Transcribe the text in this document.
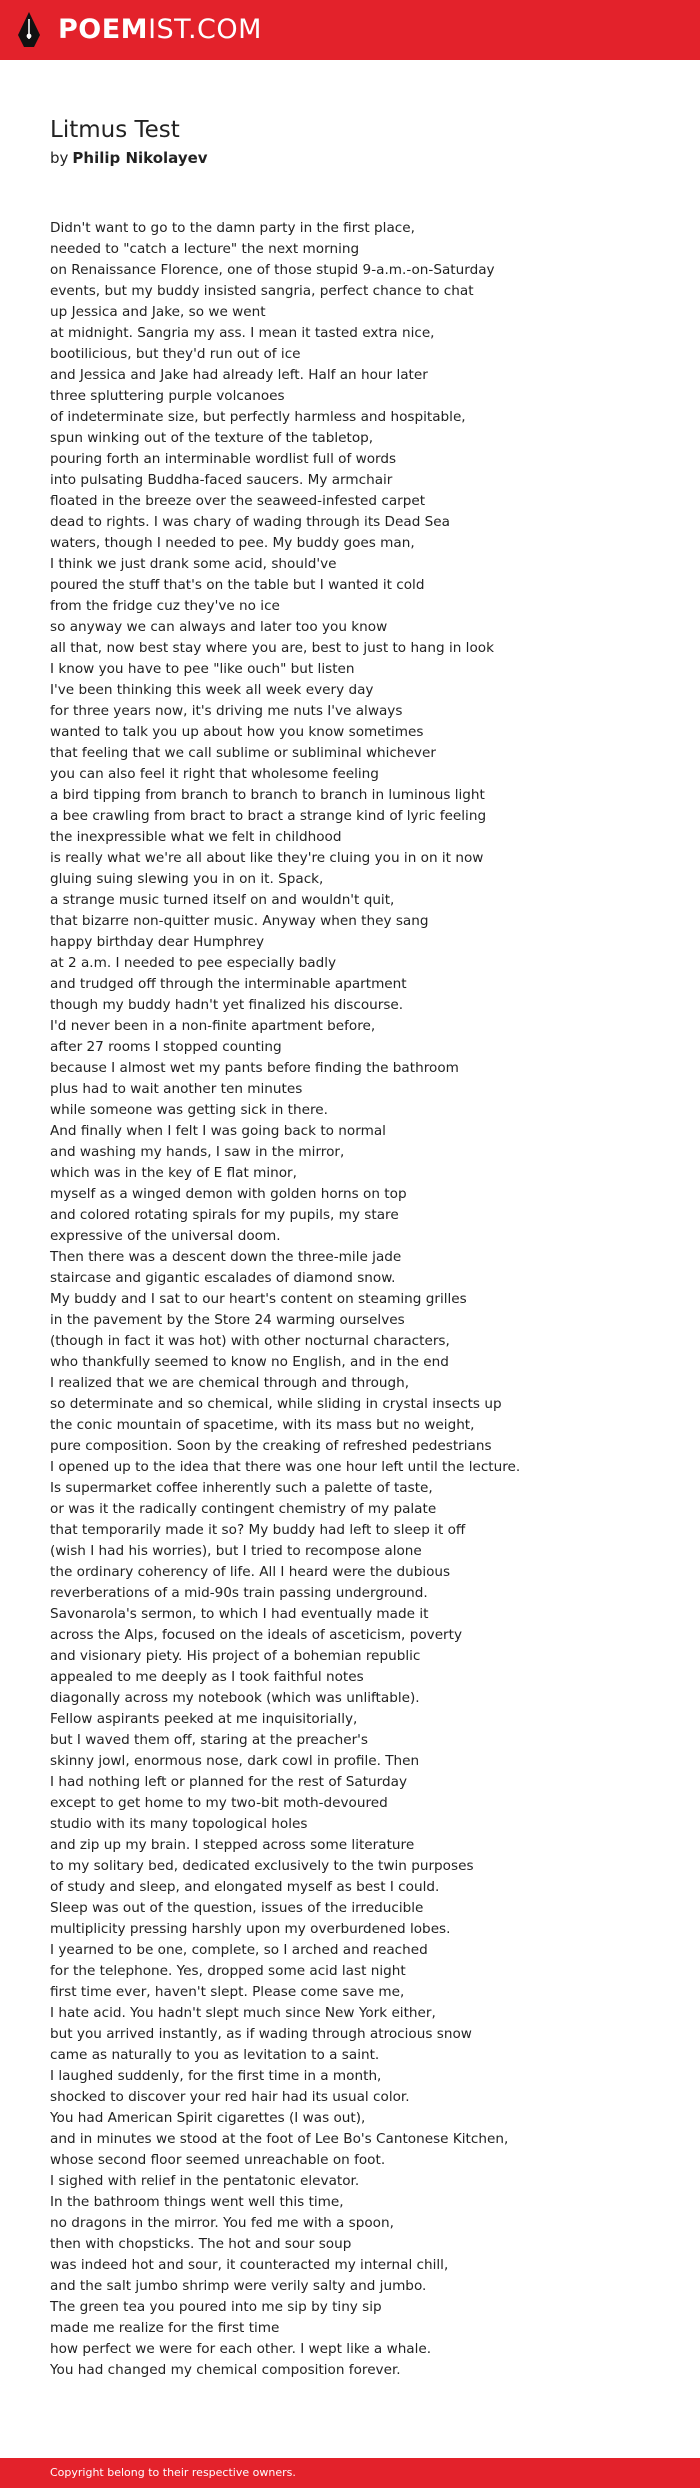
POEMIST.COM
Litmus Test
by Philip Nikolayev
Didn't want to go to the damn party in the first place,
needed to "catch a lecture" the next morning
on Renaissance Florence, one of those stupid 9-a.m.-on-Saturday
events, but my buddy insisted sangria, perfect chance to chat
up Jessica and Jake, so we went
at midnight. Sangria my ass. I mean it tasted extra nice,
bootilicious, but they'd run out of ice
and Jessica and Jake had already left. Half an hour later
three spluttering purple volcanoes
of indeterminate size, but perfectly harmless and hospitable,
spun winking out of the texture of the tabletop,
pouring forth an interminable wordlist full of words
into pulsating Buddha-faced saucers. My armchair
floated in the breeze over the seaweed-infested carpet
dead to rights. I was chary of wading through its Dead Sea
waters, though I needed to pee. My buddy goes man,
I think we just drank some acid, should've
poured the stuff that's on the table but I wanted it cold
from the fridge cuz they've no ice
so anyway we can always and later too you know
all that, now best stay where you are, best to just to hang in look
I know you have to pee "like ouch" but listen
I've been thinking this week all week every day
for three years now, it's driving me nuts I've always
wanted to talk you up about how you know sometimes
that feeling that we call sublime or subliminal whichever
you can also feel it right that wholesome feeling
a bird tipping from branch to branch to branch in luminous light
a bee crawling from bract to bract a strange kind of lyric feeling
the inexpressible what we felt in childhood
is really what we're all about like they're cluing you in on it now
gluing suing slewing you in on it. Spack,
a strange music turned itself on and wouldn't quit,
that bizarre non-quitter music. Anyway when they sang
happy birthday dear Humphrey
at 2 a.m. I needed to pee especially badly
and trudged off through the interminable apartment
though my buddy hadn't yet finalized his discourse.
I'd never been in a non-finite apartment before,
after 27 rooms I stopped counting
because I almost wet my pants before finding the bathroom
plus had to wait another ten minutes
while someone was getting sick in there.
And finally when I felt I was going back to normal
and washing my hands, I saw in the mirror,
which was in the key of E flat minor,
myself as a winged demon with golden horns on top
and colored rotating spirals for my pupils, my stare
expressive of the universal doom.
Then there was a descent down the three-mile jade
staircase and gigantic escalades of diamond snow.
My buddy and I sat to our heart's content on steaming grilles
in the pavement by the Store 24 warming ourselves
(though in fact it was hot) with other nocturnal characters,
who thankfully seemed to know no English, and in the end
I realized that we are chemical through and through,
so determinate and so chemical, while sliding in crystal insects up
the conic mountain of spacetime, with its mass but no weight,
pure composition. Soon by the creaking of refreshed pedestrians
I opened up to the idea that there was one hour left until the lecture.
Is supermarket coffee inherently such a palette of taste,
or was it the radically contingent chemistry of my palate
that temporarily made it so? My buddy had left to sleep it off
(wish I had his worries), but I tried to recompose alone
the ordinary coherency of life. All I heard were the dubious
reverberations of a mid-90s train passing underground.
Savonarola's sermon, to which I had eventually made it
across the Alps, focused on the ideals of asceticism, poverty
and visionary piety. His project of a bohemian republic
appealed to me deeply as I took faithful notes
diagonally across my notebook (which was unliftable).
Fellow aspirants peeked at me inquisitorially,
but I waved them off, staring at the preacher's
skinny jowl, enormous nose, dark cowl in profile. Then
I had nothing left or planned for the rest of Saturday
except to get home to my two-bit moth-devoured
studio with its many topological holes
and zip up my brain. I stepped across some literature
to my solitary bed, dedicated exclusively to the twin purposes
of study and sleep, and elongated myself as best I could.
Sleep was out of the question, issues of the irreducible
multiplicity pressing harshly upon my overburdened lobes.
I yearned to be one, complete, so I arched and reached
for the telephone. Yes, dropped some acid last night
first time ever, haven't slept. Please come save me,
I hate acid. You hadn't slept much since New York either,
but you arrived instantly, as if wading through atrocious snow
came as naturally to you as levitation to a saint.
I laughed suddenly, for the first time in a month,
shocked to discover your red hair had its usual color.
You had American Spirit cigarettes (I was out),
and in minutes we stood at the foot of Lee Bo's Cantonese Kitchen,
whose second floor seemed unreachable on foot.
I sighed with relief in the pentatonic elevator.
In the bathroom things went well this time,
no dragons in the mirror. You fed me with a spoon,
then with chopsticks. The hot and sour soup
was indeed hot and sour, it counteracted my internal chill,
and the salt jumbo shrimp were verily salty and jumbo.
The green tea you poured into me sip by tiny sip
made me realize for the first time
how perfect we were for each other. I wept like a whale.
You had changed my chemical composition forever.
Copyright belong to their respective owners.
